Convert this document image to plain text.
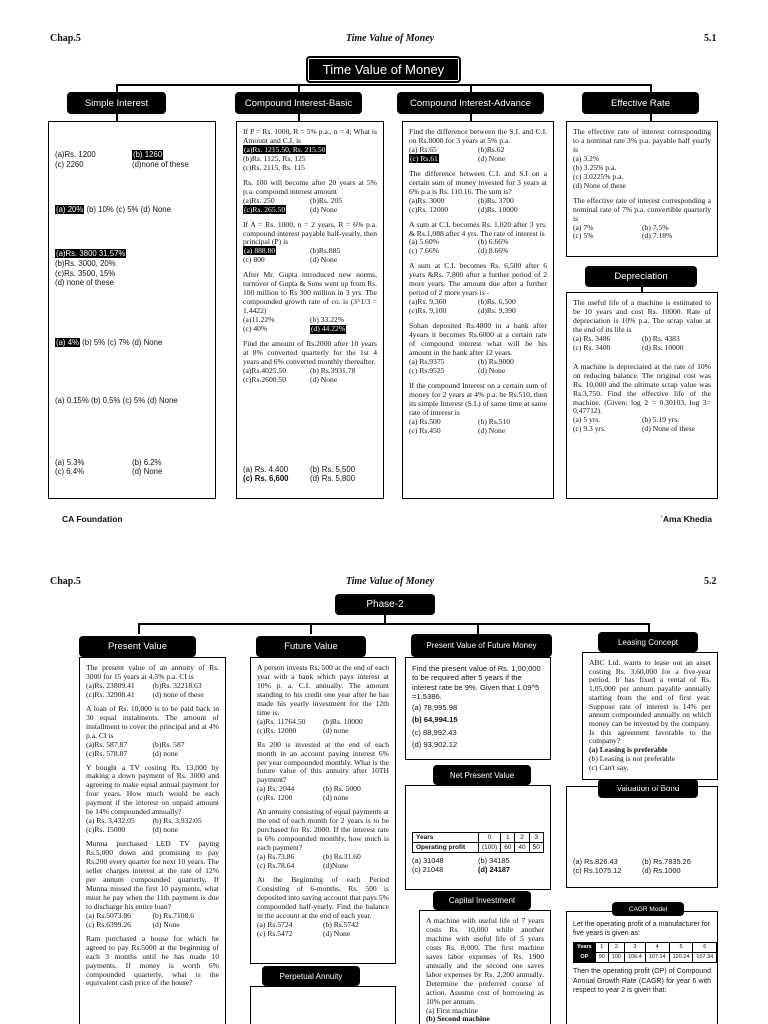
Chap.5	Time Value of Money	5.1
Time Value of Money
Simple Interest	Compound Interest-Basic	Compound Interest-Advance	Effective Rate
(a)Rs. 1200	(b) 1260
(c) 2260	(d)none of these
(a) 20% (b) 10% (c) 5% (d) None
(a)Rs. 3800 31.57%
(b)Rs. 3000, 20%
(c)Rs. 3500, 15%
(d) none of these
(a) 4% (b) 5% (c) 7% (d) None
(a) 0.15% (b) 0.5% (c) 5% (d) None
(a) 5.3%	(b) 6.2%
(c) 6.4%	(d) None
If P = Rs. 1000, R = 5% p.a., n = 4; What is Amount and C.I. is
(a)Rs. 1215.50, Rs. 215.50
(b)Rs. 1125, Rs. 125
(c)Rs. 2115, Rs. 115
Rs. 100 will become after 20 years at 5% p.a. compound interest amount
(a)Rs. 250	(b)Rs. 205
(c)Rs. 265.50	(d) None
If A = Rs. 1000, n = 2 years, R = 6% p.a. compound interest payable half-yearly, then principal (P) is
(a) 888.80	(b)Rs.885
(c) 800	(d) None
After Mr. Gupta introduced new norms, turnover of Gupta & Sons went up from Rs. 100 million to Rs 300 million in 3 yrs. The compounded growth rate of co. is (3^1/3 = 1.4422)
(a)11.22%	(b) 33.22%
(c) 40%	(d) 44.22%
Find the amount of Rs.2000 after 10 years at 8% converted quarterly for the 1st 4 years and 6% converted monthly thereafter.
(a)Rs.4025.50	(b) Rs.3931.78
(c)Rs.2600.50	(d) None
(a) Rs. 4,400	(b) Rs. 5,500
(c) Rs. 6,600	(d) Rs. 5,800
Find the difference between the S.I. and C.I. on Rs.8000 for 3 years at 5% p.a.
(a) Rs.65	(b)Rs.62
(c) Rs.61	(d) None
The difference between C.I. and S.I on a certain sum of money invested for 3 years at 6% p.a is Rs. 110.16. The sum is?
(a)Rs. 3000	(b)Rs. 3700
(c)Rs. 12000	(d)Rs. 10000
A sum at C.I. becomes Rs. 1,020 after 3 yrs. & Rs.1,088 after 4 yrs. The rate of interest is
(a) 5.60%	(b) 6.66%
(c) 7.66%	(d) 8.66%
A sum at C.I. becomes Rs. 6,500 after 6 years &Rs. 7,800 after a further period of 2 more years. The amount due after a further period of 2 more years is -
(a)Rs. 9,360	(b)Rs. 6,500
(c)Rs. 9,100	(d)Rs. 9,390
Sohan deposited Rs.4800 in a bank after 4years it becomes Rs.6000 at a certain rate of compound interest what will be his amount in the bank after 12 years.
(a) Rs.9375	(b) Rs.9000
(c) Rs.9525	(d) None
If the compound Interest on a certain sum of money for 2 years at 4% p.a. be Rs.510, then its simple Interest (S.I.) of same time at same rate of interest is
(a) Rs.500	(b) Rs.510
(c) Rs.450	(d) None
The effective rate of interest corresponding to a nominal rate 3% p.a. payable half yearly is
(a) 3.2%
(b) 3.25% p.a.
(c) 3.0225% p.a.
(d) None of these
The effective rate of interest corresponding a nominal rate of 7% p.a. convertible quarterly is
(a) 7%	(b) 7.5%
(c) 5%	(d) 7.18%
Depreciation
The useful life of a machine is estimated to be 10 years and cost Rs. 10000. Rate of depreciation is 10% p.a. The scrap value at the end of its life is
(a) Rs. 3486	(b) Rs. 4383
(c) Rs. 3400	(d) Rs. 10000
A machine is depreciated at the rate of 10% on reducing balance. The original cost was Rs. 10,000 and the ultimate scrap value was Rs.3,750. Find the effective life of the machine. (Given: log 2 = 0.30103, log 3= 0.47712).
(a) 5 yrs.	(b) 5.19 yrs.
(c) 9.3 yrs.	(d) None of these
CA Foundation	`Ama Khedia
Chap.5	Time Value of Money	5.2
Phase-2
Present Value	Future Value	Present Value of Future Money	Leasing Concept
The present value of an annuity of Rs. 3000 for 15 years at 4.5% p.a. CI is
(a)Rs. 23809.41	(b)Rs. 32218.63
(c)Rs. 32908.41	(d) none of these
A loan of Rs. 10,000 is to be paid back in 30 equal instalments. The amount of installment to cover the principal and at 4% p.a. CI is
(a)Rs. 587.87	(b)Rs. 587
(c)Rs. 578.87	(d) none
Y bought a TV costing Rs. 13,000 by making a down payment of Rs. 3000 and agreeing to make equal annual payment for four years. How much would be each payment if the interest on unpaid amount be 14% compounded annually?
(a) Rs. 3,432.05	(b) Rs. 3,932.05
(c)Rs. 15000	(d) none
Munna purchased LED TV paying Rs.5,000 down and promising to pay Rs.200 every quarter for next 10 years. The seller charges interest at the rate of 12% per annum compounded quarterly. If Munna missed the first 10 payments, what must he pay when the 11th payment is due to discharge his entire loan?
(a) Rs.5073.86	(b) Rs.7108.6
(c) Rs.6399.26	(d) None
Ram purchased a house for which he agreed to pay Rs.5000 at the beginning of each 3 months until he has made 10 payments. If money is worth 6% compounded quarterly, what is the equivalent cash price of the house?
A person invests Rs. 500 at the end of each year with a bank which pays interest at 10% p. a. C.I. annually. The amount standing to his credit one year after he has made his yearly investment for the 12th time is.
(a)Rs. 11764.50	(b)Rs. 10000
(c)Rs. 12000	(d) none
Rs 200 is invested at the end of each month in an account paying interest 6% per year compounded monthly. What is the future value of this annuity after 10TH payment?
(a) Rs. 2044	(b) Rs. 5000
(c)Rs. 1200	(d) none
An annuity consisting of equal payments at the end of each month for 2 years is to be purchased for Rs. 2000. If the interest rate is 6% compounded monthly, how much is each payment?
(a) Rs.73.86	(b) Rs.31.60
(c) Rs.78.64	(d)None
At the Beginning of each Period Consisting of 6-months, Rs. 500 is deposited into saving account that pays 5% compounded half-yearly. Find the balance in the account at the end of each year.
(a) Rs.5724	(b) Rs.5742
(c) Rs.5472	(d) None
Perpetual Annuity
Find the present value of Rs. 1,00,000 to be required after 5 years if the interest rate be 9%. Given that 1.09^5 =1.5386.
(a) 78,995.98
(b) 64,994.15
(c) 88,992.43
(d) 93,902.12
Net Present Value
Years	0	1	2	3
Operating profit	(100)	60	40	50
(a) 31048	(b) 34185
(c) 21048	(d) 24187
Capital Investment
A machine with useful life of 7 years costs Rs. 10,000 while another machine with useful life of 5 years costs Rs. 8,000. The first machine saves labor expenses of Rs. 1900 annually and the second one saves labor expenses by Rs. 2,200 annually. Determine the preferred course of action. Assume cost of borrowing as 10% per annum.
(a) First machine
(b) Second machine
ABC Ltd. wants to lease out an asset costing Rs. 3,60,000 for a five-year period. It has fixed a rental of Rs. 1,05,000 per annum payable annually starting from the end of first year. Suppose rate of interest is 14% per annum compounded annually on which money can be invested by the company. Is this agreement favorable to the company?
(a) Leasing is preferable
(b) Leasing is not preferable
(c) Can't say.
Valuation of Bond
(a) Rs.826.43	(b) Rs.7835.26
(c) Rs.1075.12	(d) Rs.1000
CAGR Model
Let the operating profit of a manufacturer for five years is given as:
Years	1	2	3	4	5	6
OP	90	100	106.4	107.14	120.24	157.34
Then the operating profit (OP) of Compound Annual Growth Rate (CAGR) for year 6 with respect to year 2 is given that:
